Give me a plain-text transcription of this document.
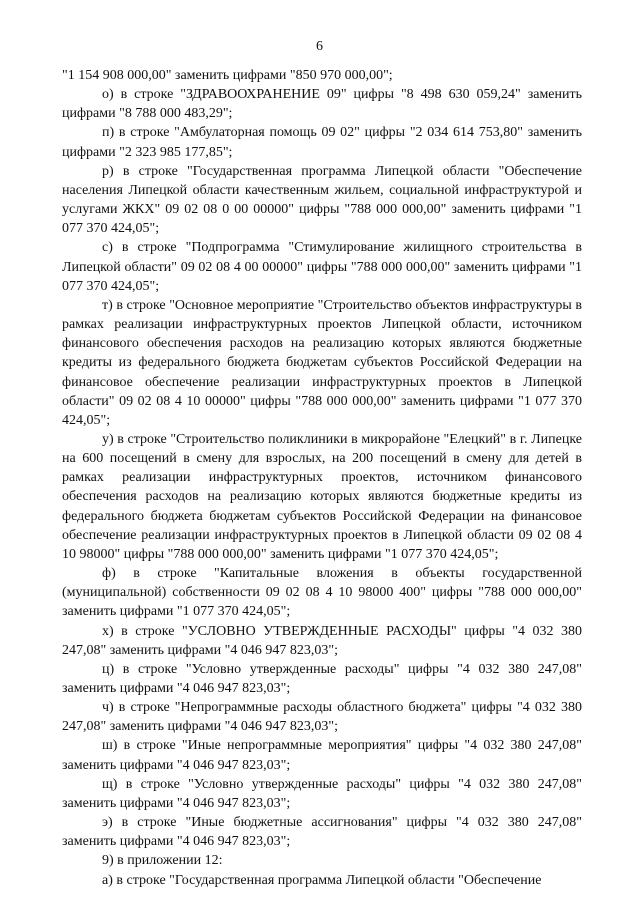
6

"1 154 908 000,00" заменить цифрами "850 970 000,00";

о) в строке "ЗДРАВООХРАНЕНИЕ 09" цифры "8 498 630 059,24" заменить цифрами "8 788 000 483,29";

п) в строке "Амбулаторная помощь 09 02" цифры "2 034 614 753,80" заменить цифрами "2 323 985 177,85";

р) в строке "Государственная программа Липецкой области "Обеспечение населения Липецкой области качественным жильем, социальной инфраструктурой и услугами ЖКХ" 09 02 08 0 00 00000" цифры "788 000 000,00" заменить цифрами "1 077 370 424,05";

с) в строке "Подпрограмма "Стимулирование жилищного строительства в Липецкой области" 09 02 08 4 00 00000" цифры "788 000 000,00" заменить цифрами "1 077 370 424,05";

т) в строке "Основное мероприятие "Строительство объектов инфраструктуры в рамках реализации инфраструктурных проектов Липецкой области, источником финансового обеспечения расходов на реализацию которых являются бюджетные кредиты из федерального бюджета бюджетам субъектов Российской Федерации на финансовое обеспечение реализации инфраструктурных проектов в Липецкой области" 09 02 08 4 10 00000" цифры "788 000 000,00" заменить цифрами "1 077 370 424,05";

у) в строке "Строительство поликлиники в микрорайоне "Елецкий" в г. Липецке на 600 посещений в смену для взрослых, на 200 посещений в смену для детей в рамках реализации инфраструктурных проектов, источником финансового обеспечения расходов на реализацию которых являются бюджетные кредиты из федерального бюджета бюджетам субъектов Российской Федерации на финансовое обеспечение реализации инфраструктурных проектов в Липецкой области 09 02 08 4 10 98000" цифры "788 000 000,00" заменить цифрами "1 077 370 424,05";

ф) в строке "Капитальные вложения в объекты государственной (муниципальной) собственности 09 02 08 4 10 98000 400" цифры "788 000 000,00" заменить цифрами "1 077 370 424,05";

х) в строке "УСЛОВНО УТВЕРЖДЕННЫЕ РАСХОДЫ" цифры "4 032 380 247,08" заменить цифрами "4 046 947 823,03";

ц) в строке "Условно утвержденные расходы" цифры "4 032 380 247,08" заменить цифрами "4 046 947 823,03";

ч) в строке "Непрограммные расходы областного бюджета" цифры "4 032 380 247,08" заменить цифрами "4 046 947 823,03";

ш) в строке "Иные непрограммные мероприятия" цифры "4 032 380 247,08" заменить цифрами "4 046 947 823,03";

щ) в строке "Условно утвержденные расходы" цифры "4 032 380 247,08" заменить цифрами "4 046 947 823,03";

э) в строке "Иные бюджетные ассигнования" цифры "4 032 380 247,08" заменить цифрами "4 046 947 823,03";

9) в приложении 12:

а) в строке "Государственная программа Липецкой области "Обеспечение
